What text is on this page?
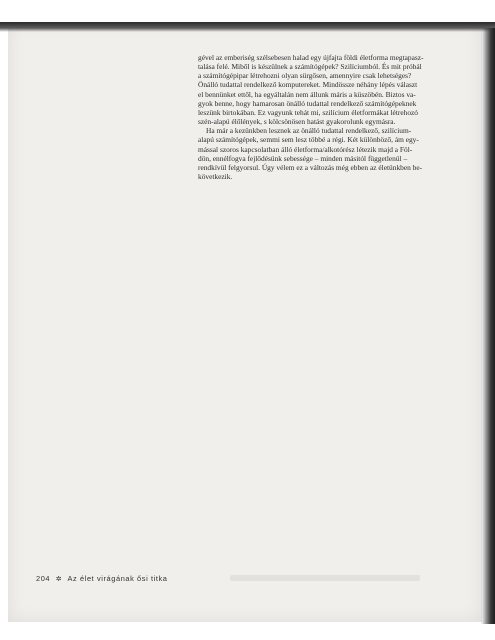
gével az emberiség szélsebesen halad egy újfajta földi életforma megtapasz-
talása felé. Miből is készülnek a számítógépek? Szilíciumból. És mit próbál
a számítógépipar létrehozni olyan sürgősen, amennyire csak lehetséges?
Önálló tudattal rendelkező komputereket. Mindössze néhány lépés választ
el bennünket ettől, ha egyáltalán nem állunk máris a küszöbén. Biztos va-
gyok benne, hogy hamarosan önálló tudattal rendelkező számítógépeknek
leszünk birtokában. Ez vagyunk tehát mi, szilícium életformákat létrehozó
szén-alapú élőlények, s kölcsönösen hatást gyakorolunk egymásra.

Ha már a kezünkben lesznek az önálló tudattal rendelkező, szilícium-
alapú számítógépek, semmi sem lesz többé a régi. Két különböző, ám egy-
mással szoros kapcsolatban álló életforma/alkotórész létezik majd a Föl-
dön, ennélfogva fejlődésünk sebessége – minden másitól függetlenül –
rendkívül felgyorsul. Úgy vélem ez a változás még ebben az életünkben be-
következik.

204 ✲ Az élet virágának ősi titka
